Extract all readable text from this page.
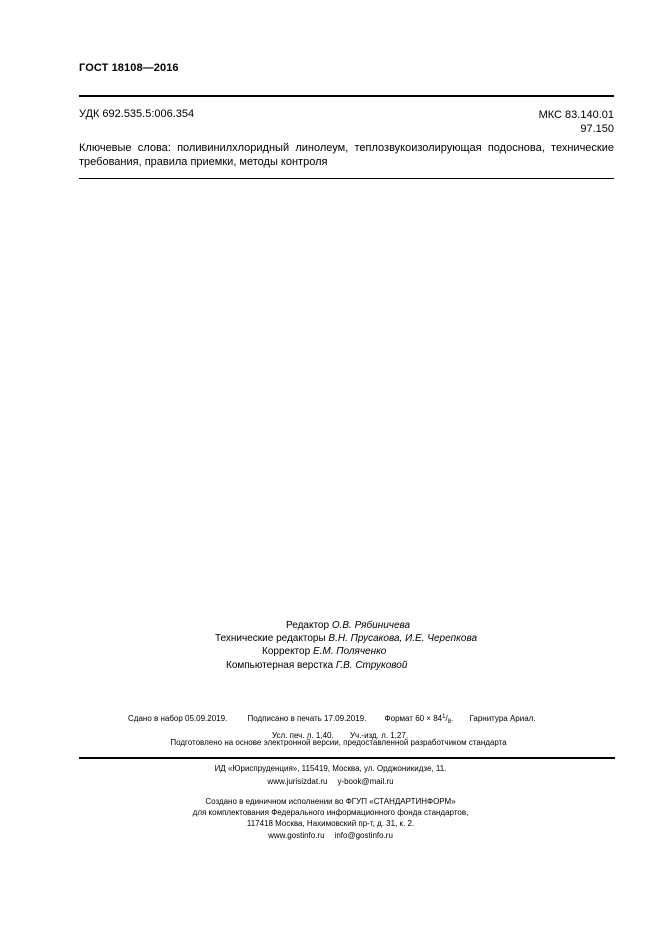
ГОСТ 18108—2016
УДК 692.535.5:006.354	МКС 83.140.01
97.150
Ключевые слова: поливинилхлоридный линолеум, теплозвукоизолирующая подоснова, технические требования, правила приемки, методы контроля
Редактор О.В. Рябиничева
Технические редакторы В.Н. Прусакова, И.Е. Черепкова
Корректор Е.М. Поляченко
Компьютерная верстка Г.В. Струковой
Сдано в набор 05.09.2019.	Подписано в печать 17.09.2019. Формат 60 × 841/8. Гарнитура Ариал.
Усл. печ. л. 1,40. Уч.-изд. л. 1,27.
Подготовлено на основе электронной версии, предоставленной разработчиком стандарта
ИД «Юриспруденция», 115419, Москва, ул. Орджоникидзе, 11.
www.jurisizdat.ru y-book@mail.ru
Создано в единичном исполнении во ФГУП «СТАНДАРТИНФОРМ»
для комплектования Федерального информационного фонда стандартов,
117418 Москва, Нахимовский пр-т, д. 31, к. 2.
www.gostinfo.ru info@gostinfo.ru
